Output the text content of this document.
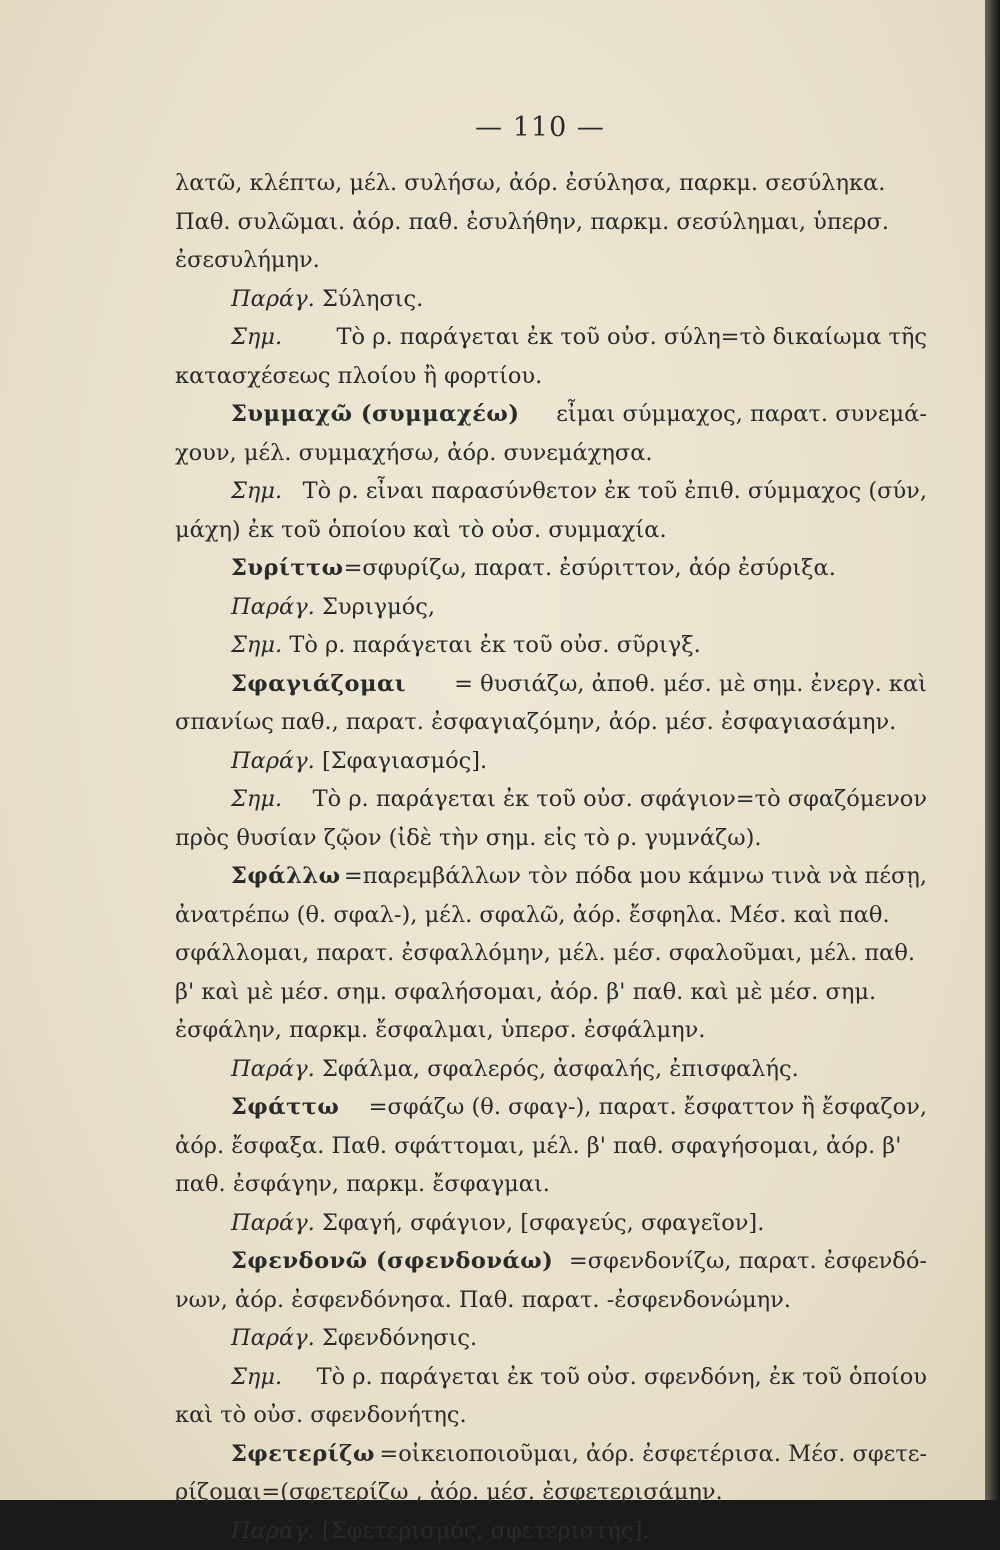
— 110 —
λατῶ, κλέπτω, μέλ. συλήσω, ἀόρ. ἐσύλησα, παρκμ. σεσύληκα.
Παθ. συλῶμαι. ἀόρ. παθ. ἐσυλήθην, παρκμ. σεσύλημαι, ὑπερσ.
ἐσεσυλήμην.
Παράγ.
Σύλησις.
Σημ.
Τὸ ρ. παράγεται ἐκ τοῦ οὐσ. σύλη=τὸ δικαίωμα τῆς
κατασχέσεως πλοίου ἢ φορτίου.
Συμμαχῶ (συμμαχέω)
εἶμαι σύμμαχος, παρατ. συνεμά-
χουν, μέλ. συμμαχήσω, ἀόρ. συνεμάχησα.
Σημ.
Τὸ ρ. εἶναι παρασύνθετον ἐκ τοῦ ἐπιθ. σύμμαχος (σύν,
μάχη) ἐκ τοῦ ὁποίου καὶ τὸ οὐσ. συμμαχία.
Συρίττω =σφυρίζω, παρατ. ἐσύριττον, ἀόρ ἐσύριξα.
Παράγ.
Συριγμός,
Σημ.
Τὸ ρ. παράγεται ἐκ τοῦ οὐσ. σῦριγξ.
Σφαγιάζομαι
= θυσιάζω, ἀποθ. μέσ. μὲ σημ. ἐνεργ. καὶ
σπανίως παθ., παρατ. ἐσφαγιαζόμην, ἀόρ. μέσ. ἐσφαγιασάμην.
Παράγ.
[Σφαγιασμός].
Σημ.
Τὸ ρ. παράγεται ἐκ τοῦ οὐσ. σφάγιον=τὸ σφαζόμενον
πρὸς θυσίαν ζῷον (ἰδὲ τὴν σημ. εἰς τὸ ρ. γυμνάζω).
Σφάλλω =παρεμβάλλων τὸν πόδα μου κάμνω τινὰ νὰ πέσῃ,
ἀνατρέπω (θ. σφαλ-), μέλ. σφαλῶ, ἀόρ. ἔσφηλα. Μέσ. καὶ παθ.
σφάλλομαι, παρατ. ἐσφαλλόμην, μέλ. μέσ. σφαλοῦμαι, μέλ. παθ.
β' καὶ μὲ μέσ. σημ. σφαλήσομαι, ἀόρ. β' παθ. καὶ μὲ μέσ. σημ.
ἐσφάλην, παρκμ. ἔσφαλμαι, ὑπερσ. ἐσφάλμην.
Παράγ.
Σφάλμα, σφαλερός, ἀσφαλής, ἐπισφαλής.
Σφάττω =σφάζω (θ. σφαγ-), παρατ. ἔσφαττον ἢ ἔσφαζον,
ἀόρ. ἔσφαξα. Παθ. σφάττομαι, μέλ. β' παθ. σφαγήσομαι, ἀόρ. β'
παθ. ἐσφάγην, παρκμ. ἔσφαγμαι.
Παράγ.
Σφαγή, σφάγιον, [σφαγεύς, σφαγεῖον].
Σφενδονῶ (σφενδονάω) =σφενδονίζω, παρατ. ἐσφενδό-
νων, ἀόρ. ἐσφενδόνησα. Παθ. παρατ. -ἐσφενδονώμην.
Παράγ.
Σφενδόνησις.
Σημ.
Τὸ ρ. παράγεται ἐκ τοῦ οὐσ. σφενδόνη, ἐκ τοῦ ὁποίου
καὶ τὸ οὐσ. σφενδονήτης.
Σφετερίζω =οἰκειοποιοῦμαι, ἀόρ. ἐσφετέρισα. Μέσ. σφετε-
ρίζομαι=(σφετερίζω , ἀόρ. μέσ. ἐσφετερισάμην.
Παράγ.
[Σφετερισμός, σφετεριστής].
